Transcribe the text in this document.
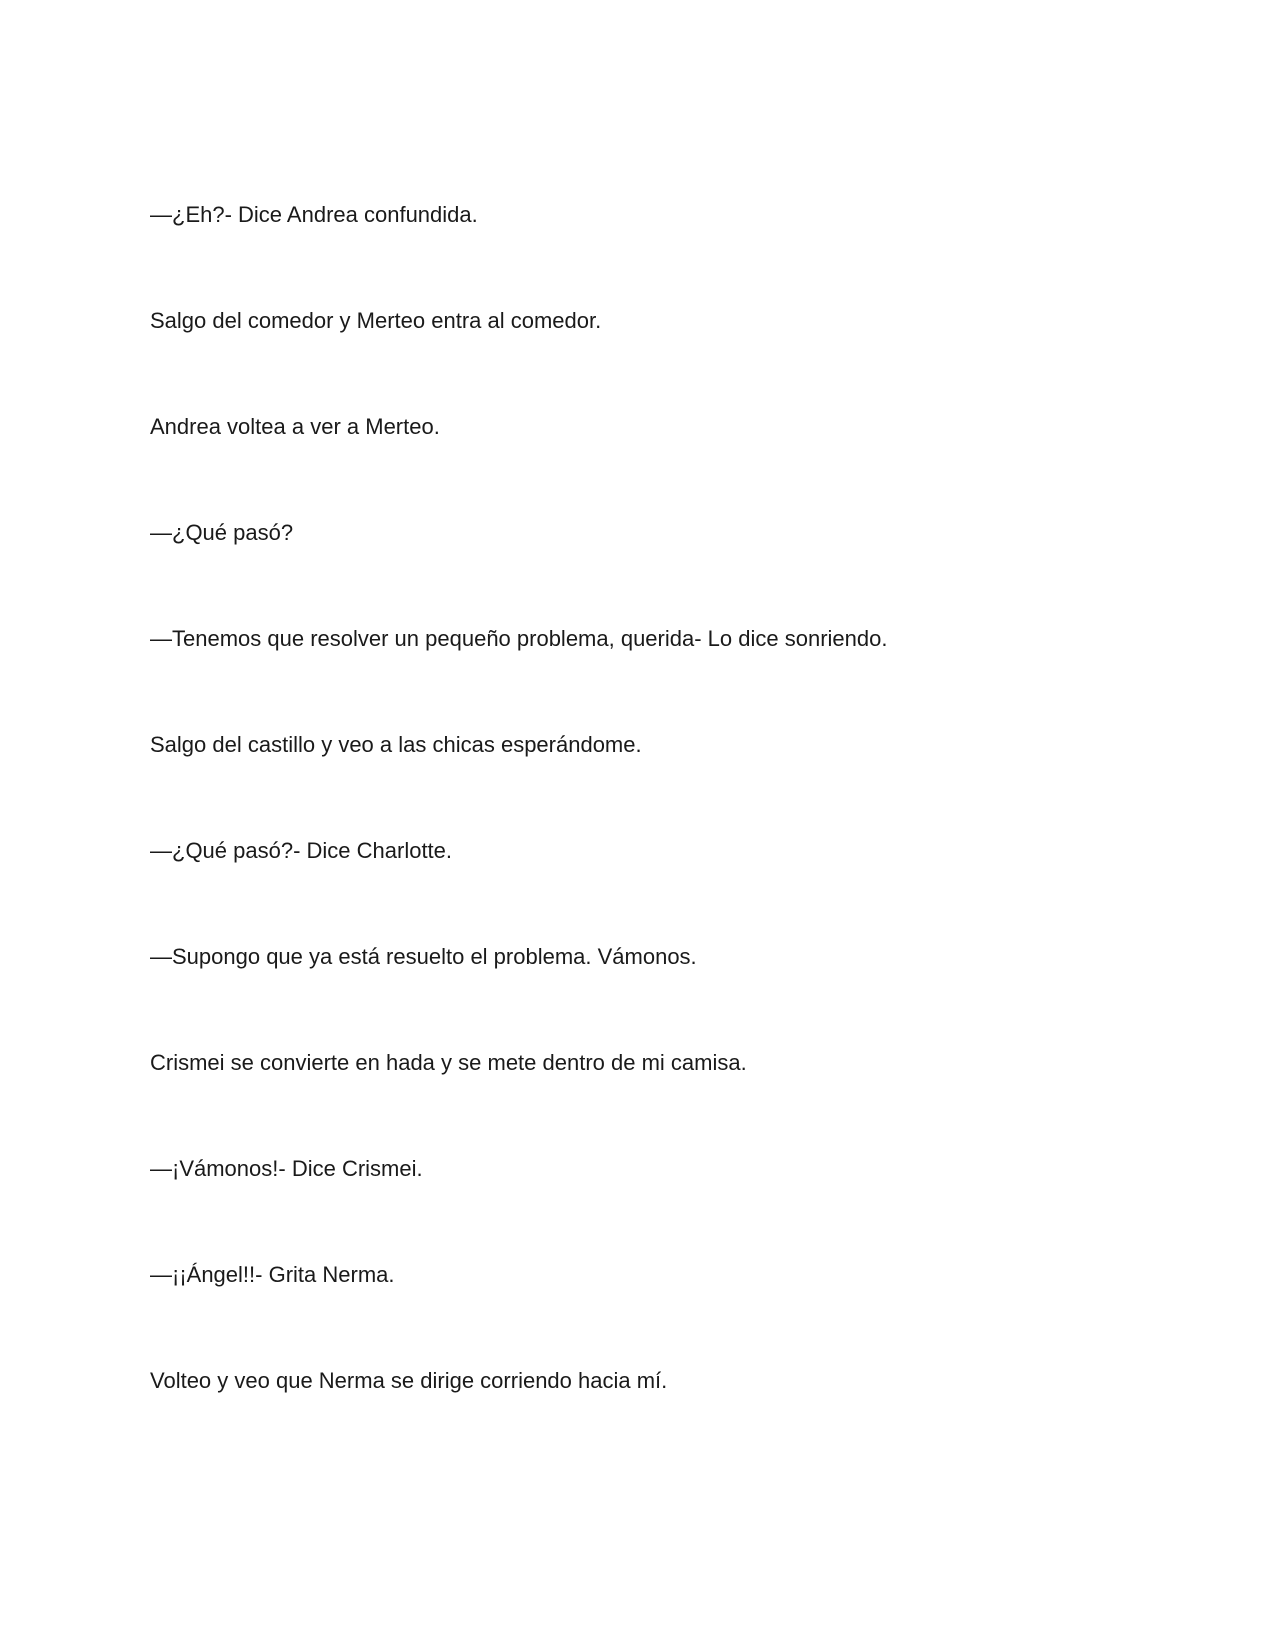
—¿Eh?- Dice Andrea confundida.

Salgo del comedor y Merteo entra al comedor.

Andrea voltea a ver a Merteo.

—¿Qué pasó?

—Tenemos que resolver un pequeño problema, querida- Lo dice sonriendo.

Salgo del castillo y veo a las chicas esperándome.

—¿Qué pasó?- Dice Charlotte.

—Supongo que ya está resuelto el problema. Vámonos.

Crismei se convierte en hada y se mete dentro de mi camisa.

—¡Vámonos!- Dice Crismei.

—¡¡Ángel!!- Grita Nerma.

Volteo y veo que Nerma se dirige corriendo hacia mí.
